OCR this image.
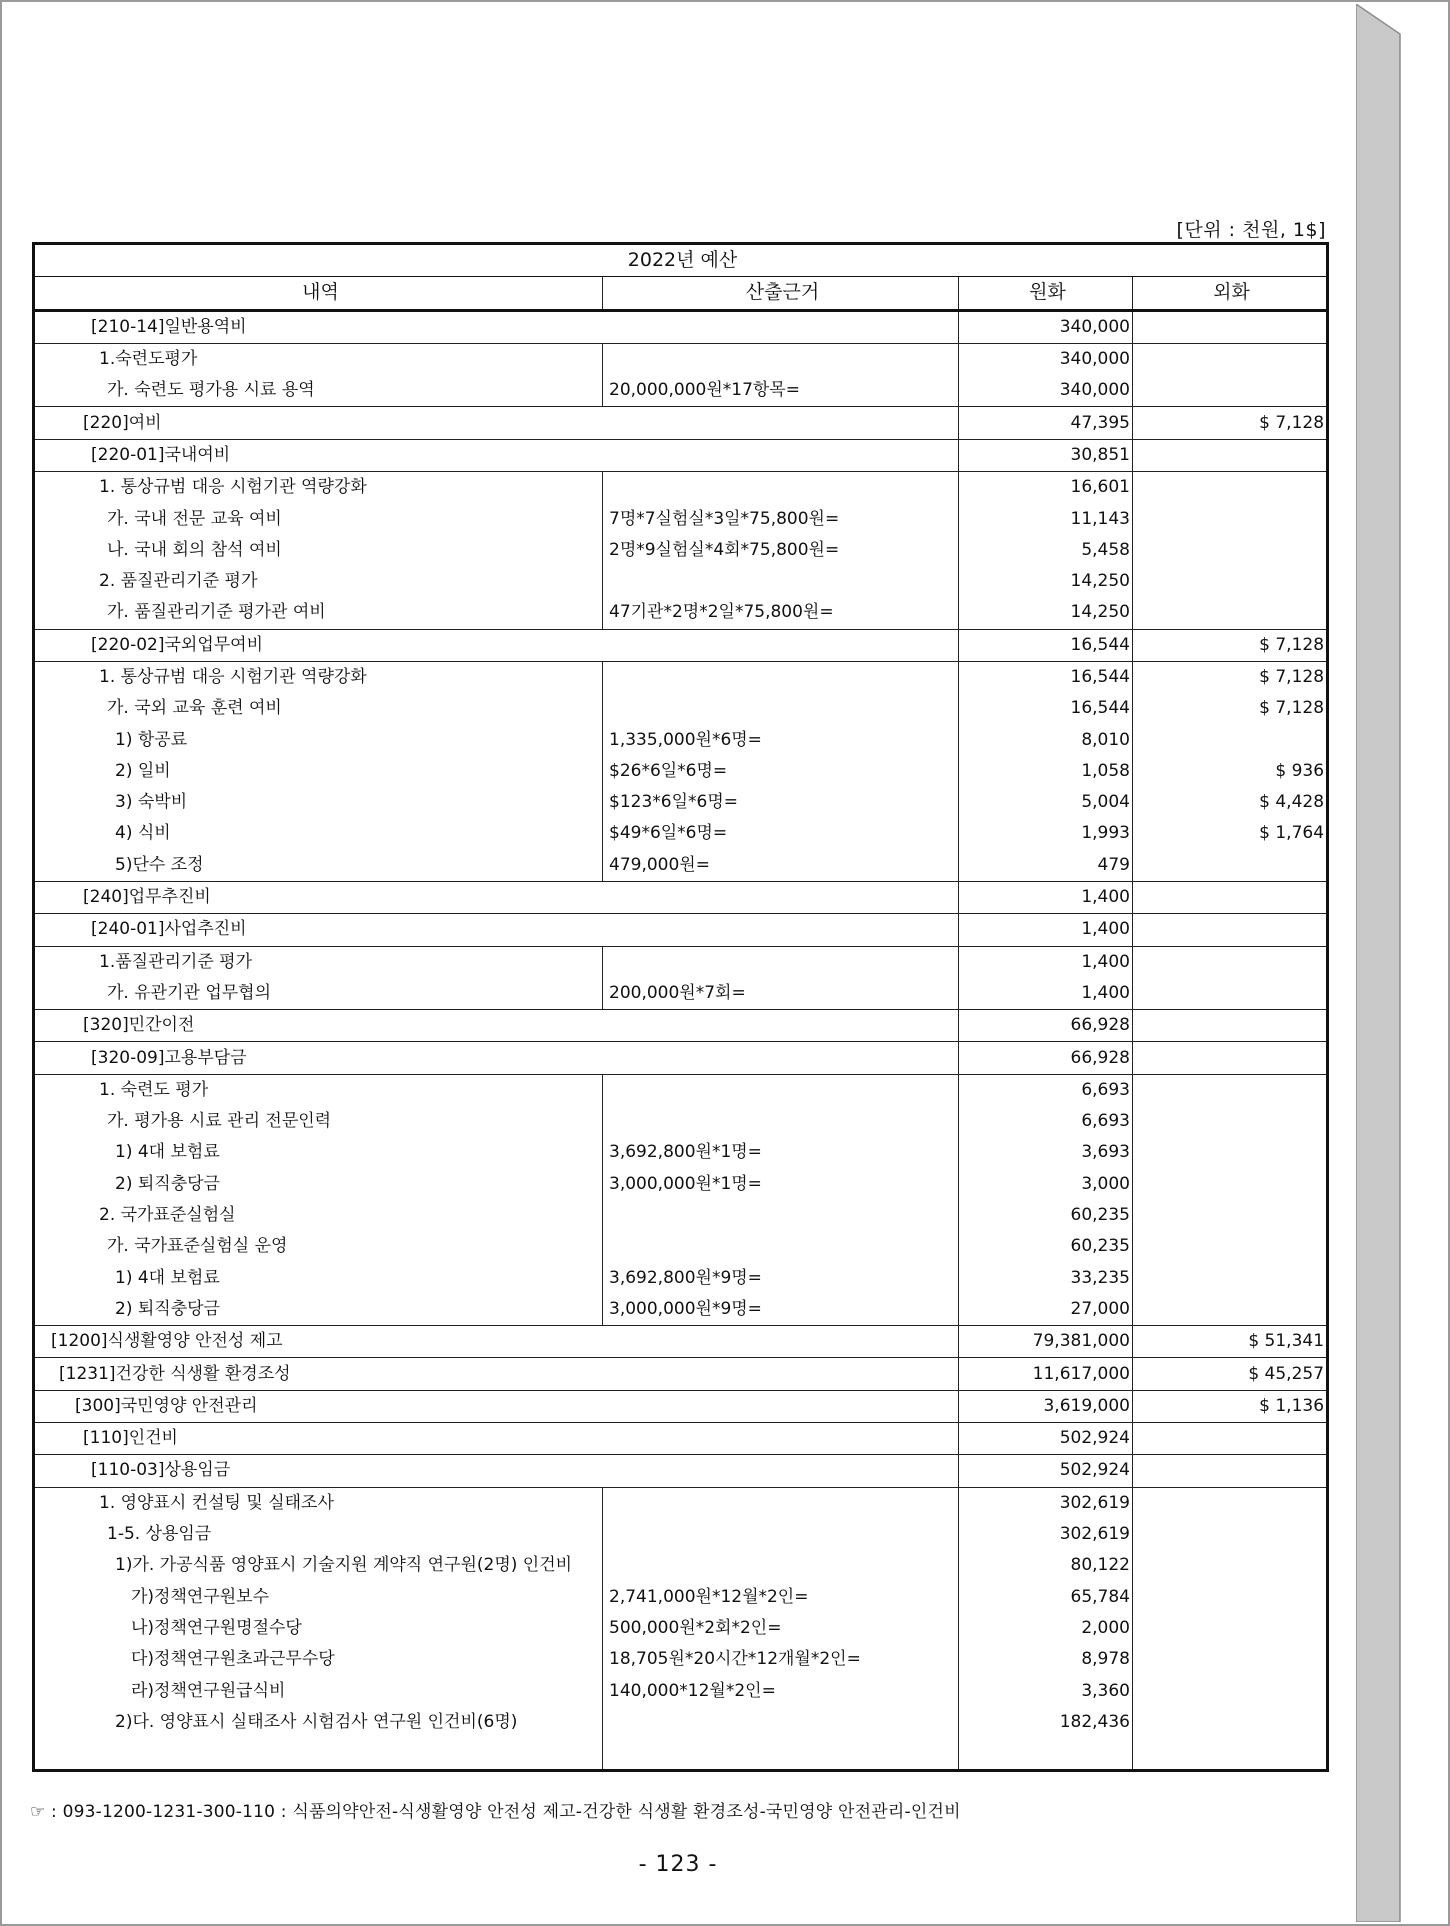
[단위 : 천원, 1$]
2022년 예산			
내역	산출근거	원화	외화
[210-14]일반용역비		340,000	
1.숙련도평가		340,000	
가. 숙련도 평가용 시료 용역	20,000,000원*17항목=	340,000	
[220]여비		47,395	$ 7,128
[220-01]국내여비		30,851	
1. 통상규범 대응 시험기관 역량강화		16,601	
가. 국내 전문 교육 여비	7명*7실험실*3일*75,800원=	11,143	
나. 국내 회의 참석 여비	2명*9실험실*4회*75,800원=	5,458	
2. 품질관리기준 평가		14,250	
가. 품질관리기준 평가관 여비	47기관*2명*2일*75,800원=	14,250	
[220-02]국외업무여비		16,544	$ 7,128
1. 통상규범 대응 시험기관 역량강화		16,544	$ 7,128
가. 국외 교육 훈련 여비		16,544	$ 7,128
1) 항공료	1,335,000원*6명=	8,010	
2) 일비	$26*6일*6명=	1,058	$ 936
3) 숙박비	$123*6일*6명=	5,004	$ 4,428
4) 식비	$49*6일*6명=	1,993	$ 1,764
5)단수 조정	479,000원=	479	
[240]업무추진비		1,400	
[240-01]사업추진비		1,400	
1.품질관리기준 평가		1,400	
가. 유관기관 업무협의	200,000원*7회=	1,400	
[320]민간이전		66,928	
[320-09]고용부담금		66,928	
1. 숙련도 평가		6,693	
가. 평가용 시료 관리 전문인력		6,693	
1) 4대 보험료	3,692,800원*1명=	3,693	
2) 퇴직충당금	3,000,000원*1명=	3,000	
2. 국가표준실험실		60,235	
가. 국가표준실험실 운영		60,235	
1) 4대 보험료	3,692,800원*9명=	33,235	
2) 퇴직충당금	3,000,000원*9명=	27,000	
[1200]식생활영양 안전성 제고		79,381,000	$ 51,341
[1231]건강한 식생활 환경조성		11,617,000	$ 45,257
[300]국민영양 안전관리		3,619,000	$ 1,136
[110]인건비		502,924	
[110-03]상용임금		502,924	
1. 영양표시 컨설팅 및 실태조사		302,619	
1-5. 상용임금		302,619	
1)가. 가공식품 영양표시 기술지원 계약직 연구원(2명) 인건비		80,122	
가)정책연구원보수	2,741,000원*12월*2인=	65,784	
나)정책연구원명절수당	500,000원*2회*2인=	2,000	
다)정책연구원초과근무수당	18,705원*20시간*12개월*2인=	8,978	
라)정책연구원급식비	140,000*12월*2인=	3,360	
2)다. 영양표시 실태조사 시험검사 연구원 인건비(6명)		182,436	

☞ : 093-1200-1231-300-110 : 식품의약안전-식생활영양 안전성 제고-건강한 식생활 환경조성-국민영양 안전관리-인건비
- 123 -
